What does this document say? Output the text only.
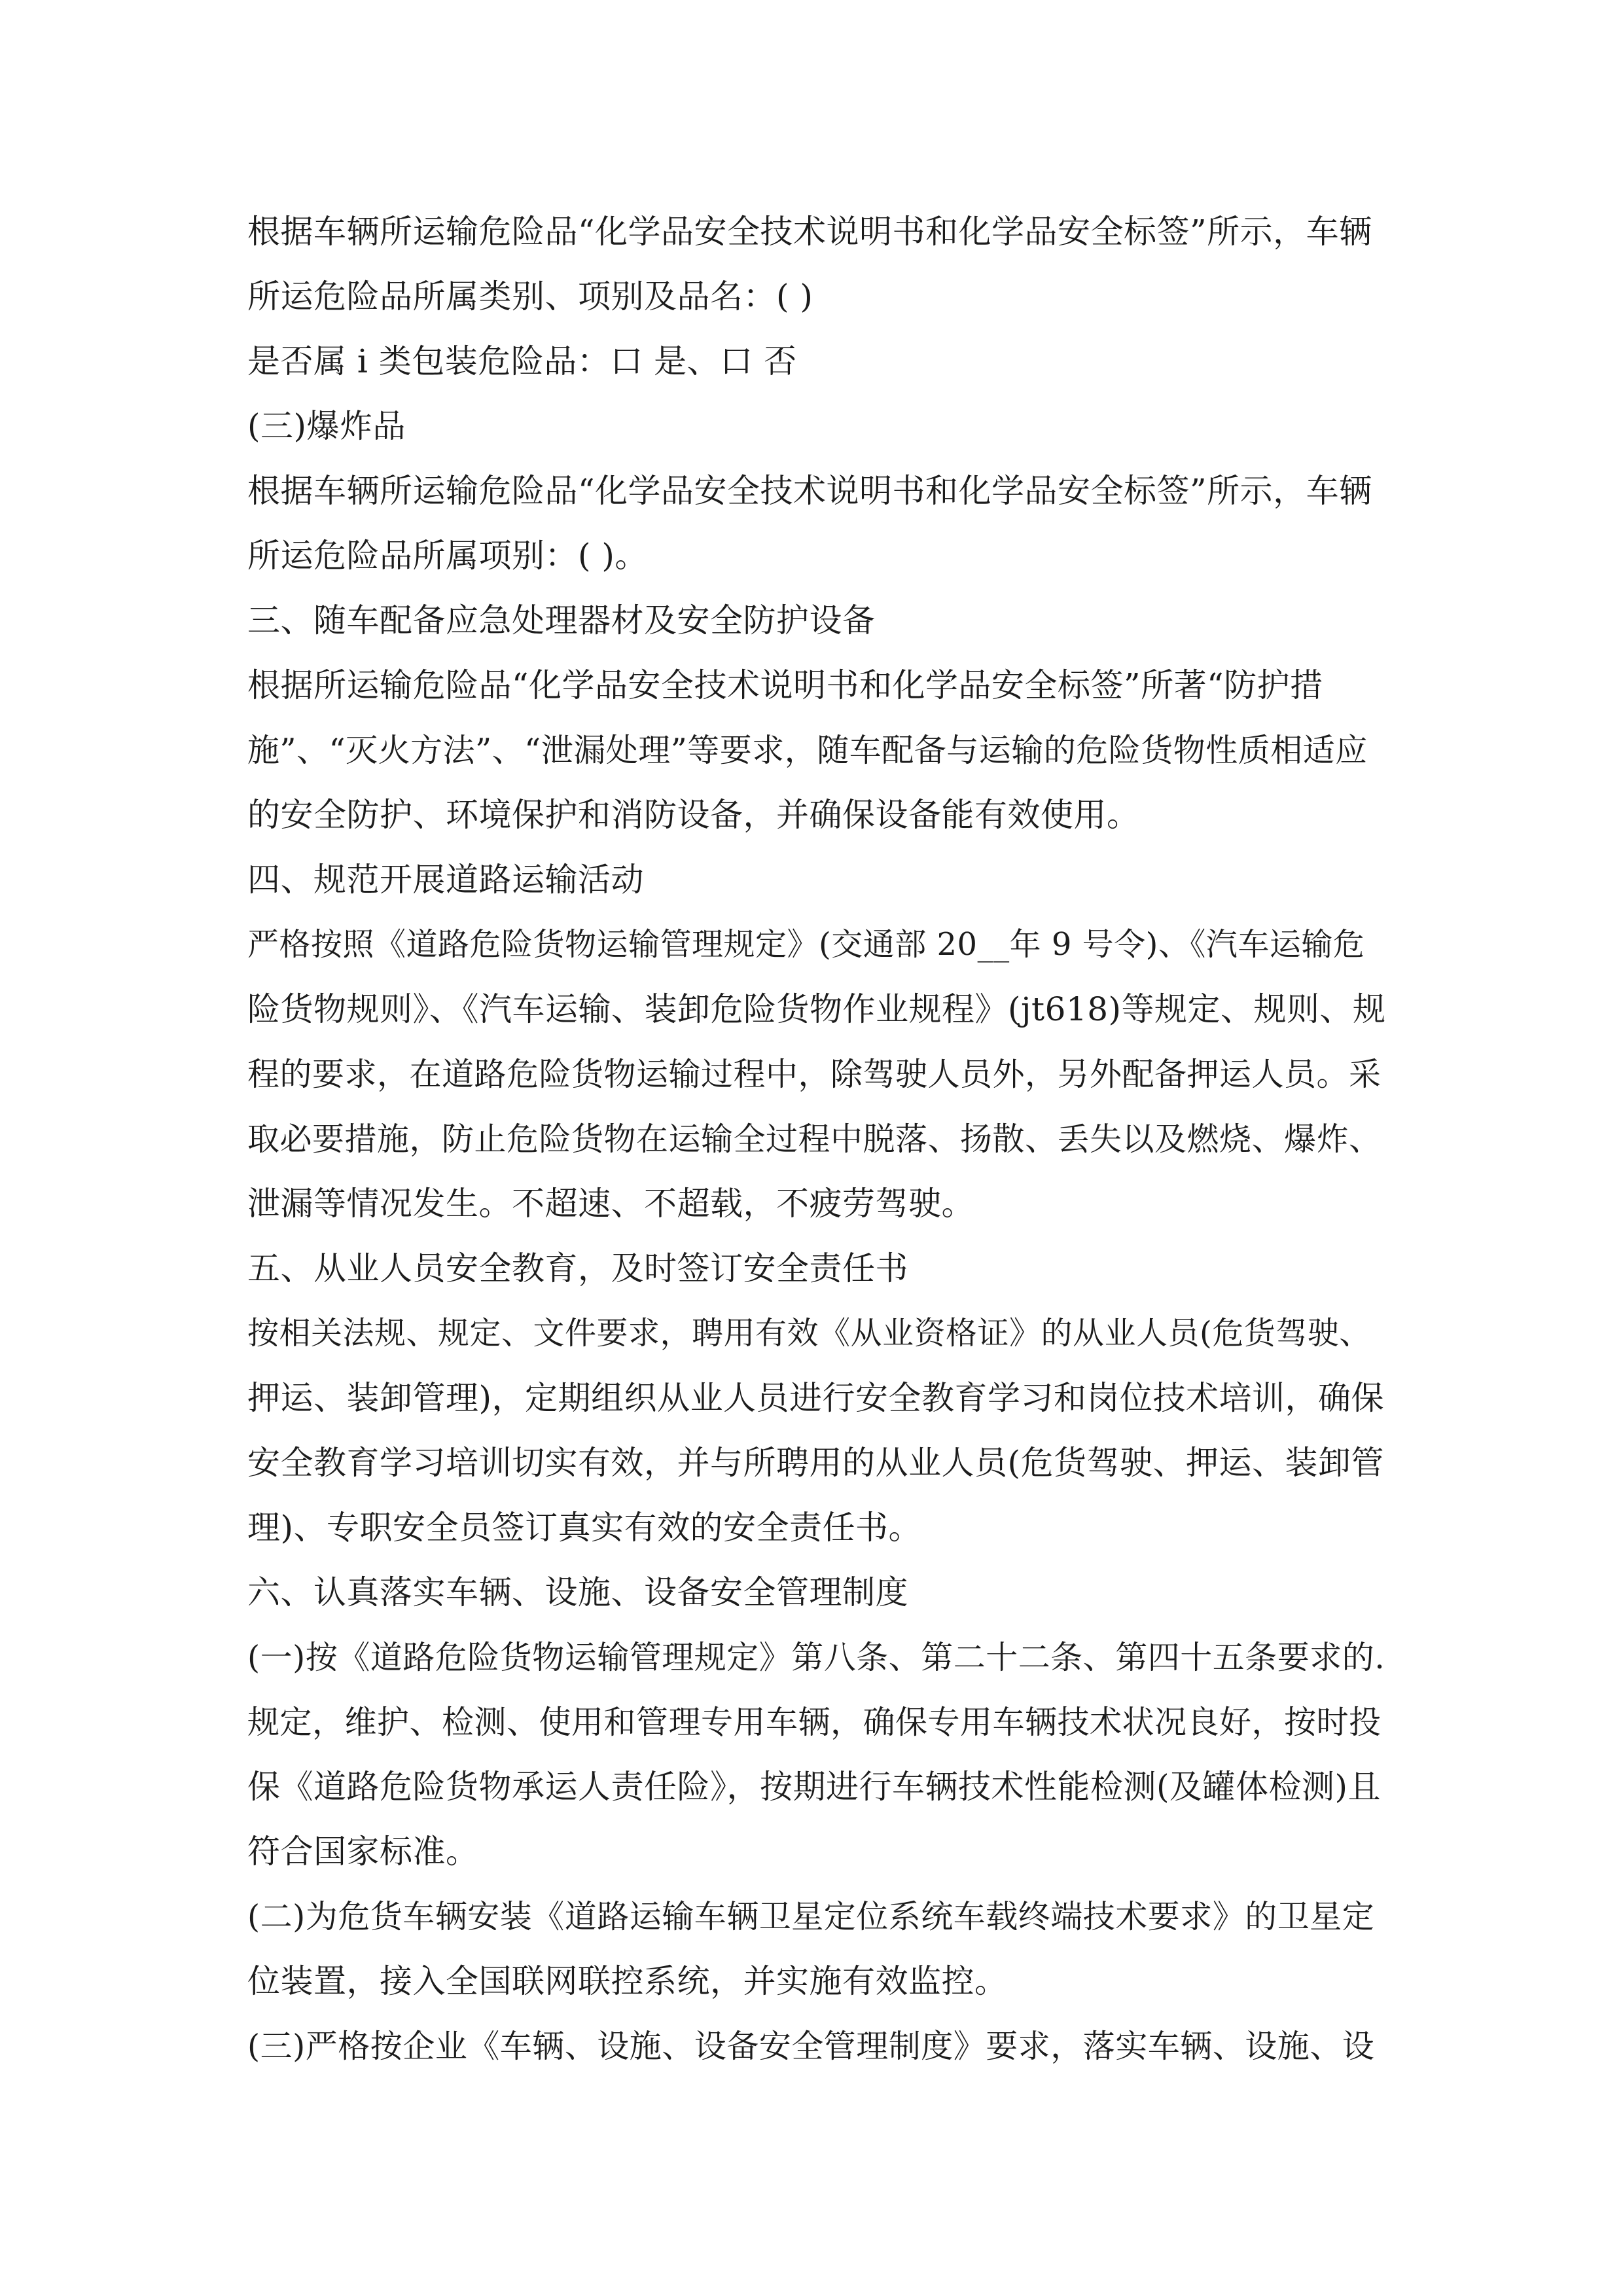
根据车辆所运输危险品“化学品安全技术说明书和化学品安全标签”所示，车辆
所运危险品所属类别、项别及品名：( )
是否属 i 类包装危险品：口 是、口 否
(三)爆炸品
根据车辆所运输危险品“化学品安全技术说明书和化学品安全标签”所示，车辆
所运危险品所属项别：( )。
三、随车配备应急处理器材及安全防护设备
根据所运输危险品“化学品安全技术说明书和化学品安全标签”所著“防护措
施”、“灭火方法”、“泄漏处理”等要求，随车配备与运输的危险货物性质相适应
的安全防护、环境保护和消防设备，并确保设备能有效使用。
四、规范开展道路运输活动
严格按照《道路危险货物运输管理规定》(交通部 20__年 9 号令)、《汽车运输危
险货物规则》、《汽车运输、装卸危险货物作业规程》(jt618)等规定、规则、规
程的要求，在道路危险货物运输过程中，除驾驶人员外，另外配备押运人员。采
取必要措施，防止危险货物在运输全过程中脱落、扬散、丢失以及燃烧、爆炸、
泄漏等情况发生。不超速、不超载，不疲劳驾驶。
五、从业人员安全教育，及时签订安全责任书
按相关法规、规定、文件要求，聘用有效《从业资格证》的从业人员(危货驾驶、
押运、装卸管理)，定期组织从业人员进行安全教育学习和岗位技术培训，确保
安全教育学习培训切实有效，并与所聘用的从业人员(危货驾驶、押运、装卸管
理)、专职安全员签订真实有效的安全责任书。
六、认真落实车辆、设施、设备安全管理制度
(一)按《道路危险货物运输管理规定》第八条、第二十二条、第四十五条要求的.
规定，维护、检测、使用和管理专用车辆，确保专用车辆技术状况良好，按时投
保《道路危险货物承运人责任险》，按期进行车辆技术性能检测(及罐体检测)且
符合国家标准。
(二)为危货车辆安装《道路运输车辆卫星定位系统车载终端技术要求》的卫星定
位装置，接入全国联网联控系统，并实施有效监控。
(三)严格按企业《车辆、设施、设备安全管理制度》要求，落实车辆、设施、设
